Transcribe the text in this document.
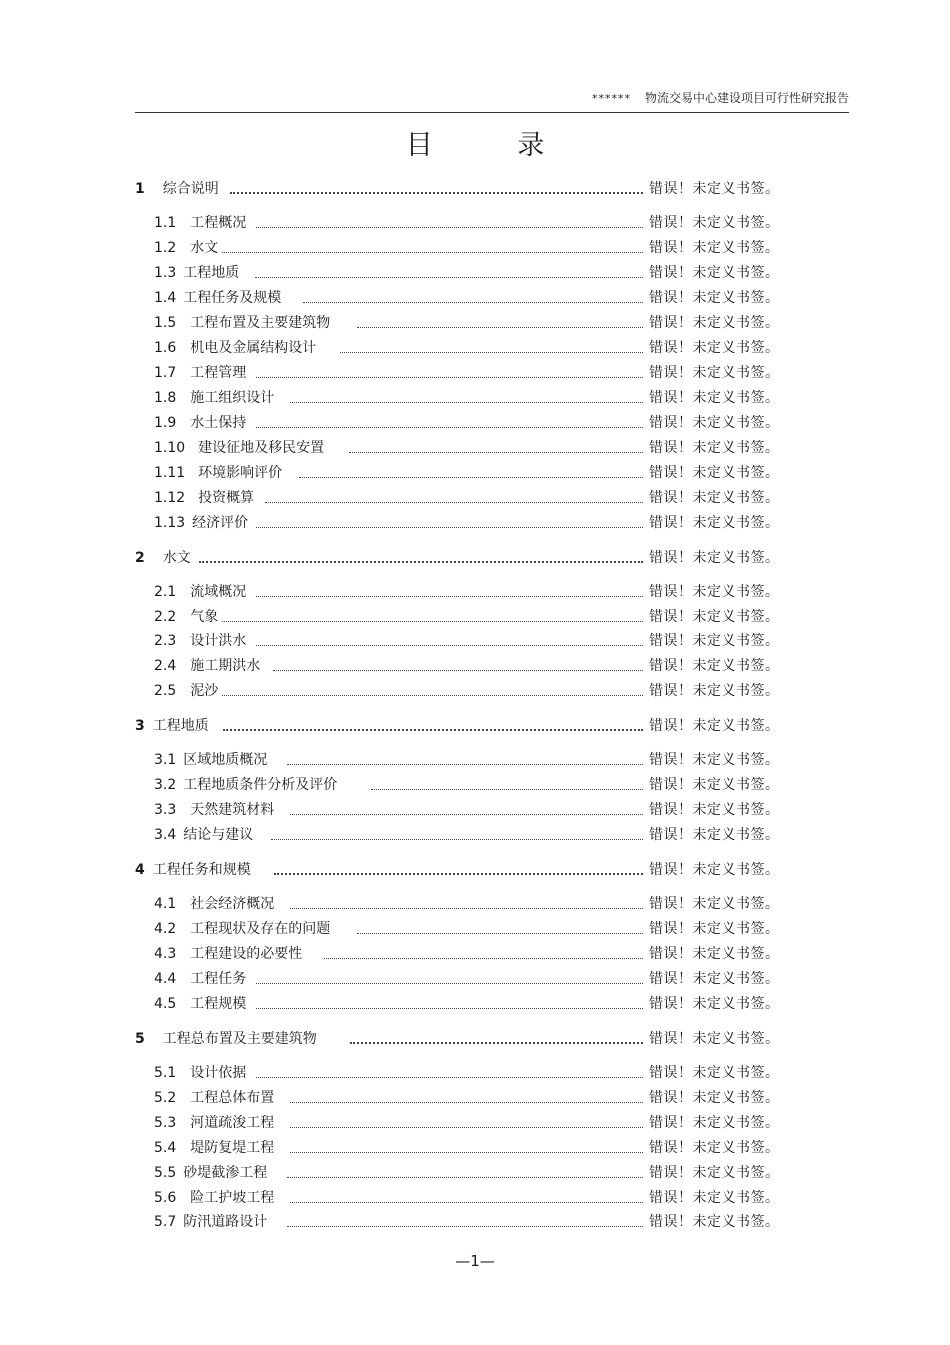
****** 物流交易中心建设项目可行性研究报告
目 录
1 综合说明	错误！未定义书签。
1.1 工程概况	错误！未定义书签。
1.2 水文	错误！未定义书签。
1.3 工程地质	错误！未定义书签。
1.4 工程任务及规模	错误！未定义书签。
1.5 工程布置及主要建筑物	错误！未定义书签。
1.6 机电及金属结构设计	错误！未定义书签。
1.7 工程管理	错误！未定义书签。
1.8 施工组织设计	错误！未定义书签。
1.9 水土保持	错误！未定义书签。
1.10 建设征地及移民安置	错误！未定义书签。
1.11 环境影响评价	错误！未定义书签。
1.12 投资概算	错误！未定义书签。
1.13 经济评价	错误！未定义书签。
2 水文	错误！未定义书签。
2.1 流域概况	错误！未定义书签。
2.2 气象	错误！未定义书签。
2.3 设计洪水	错误！未定义书签。
2.4 施工期洪水	错误！未定义书签。
2.5 泥沙	错误！未定义书签。
3 工程地质	错误！未定义书签。
3.1 区域地质概况	错误！未定义书签。
3.2 工程地质条件分析及评价	错误！未定义书签。
3.3 天然建筑材料	错误！未定义书签。
3.4 结论与建议	错误！未定义书签。
4 工程任务和规模	错误！未定义书签。
4.1 社会经济概况	错误！未定义书签。
4.2 工程现状及存在的问题	错误！未定义书签。
4.3 工程建设的必要性	错误！未定义书签。
4.4 工程任务	错误！未定义书签。
4.5 工程规模	错误！未定义书签。
5 工程总布置及主要建筑物	错误！未定义书签。
5.1 设计依据	错误！未定义书签。
5.2 工程总体布置	错误！未定义书签。
5.3 河道疏浚工程	错误！未定义书签。
5.4 堤防复堤工程	错误！未定义书签。
5.5 砂堤截渗工程	错误！未定义书签。
5.6 险工护坡工程	错误！未定义书签。
5.7 防汛道路设计	错误！未定义书签。
—1—
